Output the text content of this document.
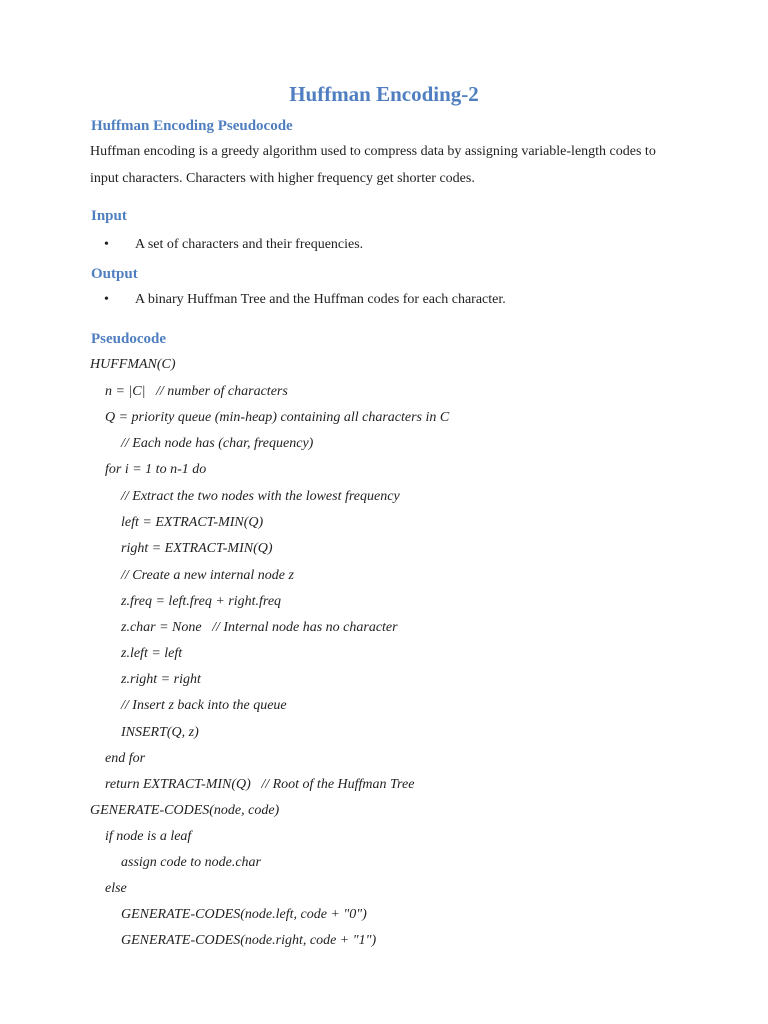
Huffman Encoding-2
Huffman Encoding Pseudocode
Huffman encoding is a greedy algorithm used to compress data by assigning variable-length codes to
input characters. Characters with higher frequency get shorter codes.
Input
• A set of characters and their frequencies.
Output
• A binary Huffman Tree and the Huffman codes for each character.
Pseudocode
HUFFMAN(C)
n = |C|   // number of characters
Q = priority queue (min-heap) containing all characters in C
// Each node has (char, frequency)
for i = 1 to n-1 do
// Extract the two nodes with the lowest frequency
left = EXTRACT-MIN(Q)
right = EXTRACT-MIN(Q)
// Create a new internal node z
z.freq = left.freq + right.freq
z.char = None   // Internal node has no character
z.left = left
z.right = right
// Insert z back into the queue
INSERT(Q, z)
end for
return EXTRACT-MIN(Q)   // Root of the Huffman Tree
GENERATE-CODES(node, code)
if node is a leaf
assign code to node.char
else
GENERATE-CODES(node.left, code + "0")
GENERATE-CODES(node.right, code + "1")
